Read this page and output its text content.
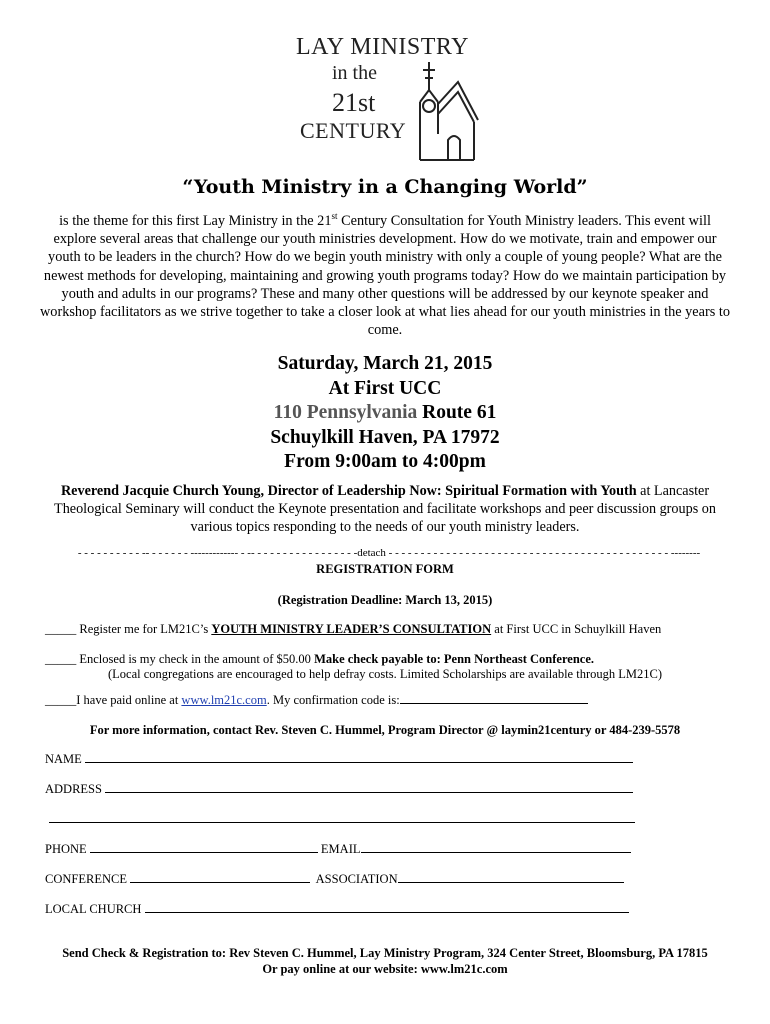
LAY MINISTRY
in the
21st
CENTURY
“Youth Ministry in a Changing World”
is the theme for this first Lay Ministry in the 21st Century Consultation for Youth Ministry leaders. This event will explore several areas that challenge our youth ministries development. How do we motivate, train and empower our youth to be leaders in the church? How do we begin youth ministry with only a couple of young people? What are the newest methods for developing, maintaining and growing youth programs today? How do we maintain participation by youth and adults in our programs? These and many other questions will be addressed by our keynote speaker and workshop facilitators as we strive together to take a closer look at what lies ahead for our youth ministries in the years to come.
Saturday, March 21, 2015
At First UCC
110 Pennsylvania Route 61
Schuylkill Haven, PA 17972
From 9:00am to 4:00pm
Reverend Jacquie Church Young, Director of Leadership Now: Spiritual Formation with Youth at Lancaster Theological Seminary will conduct the Keynote presentation and facilitate workshops and peer discussion groups on various topics responding to the needs of our youth ministry leaders.
- - - - - - - - - - -- - - - - - - ------------- - -- - - - - - - - - - - - - - - - -detach - - - - - - - - - - - - - - - - - - - - - - - - - - - - - - - - - - - - - - - - - - - - --------
REGISTRATION FORM
(Registration Deadline: March 13, 2015)
_____ Register me for LM21C’s YOUTH MINISTRY LEADER’S CONSULTATION at First UCC in Schuylkill Haven
_____ Enclosed is my check in the amount of $50.00 Make check payable to: Penn Northeast Conference.
(Local congregations are encouraged to help defray costs. Limited Scholarships are available through LM21C)
_____I have paid online at www.lm21c.com. My confirmation code is:
For more information, contact Rev. Steven C. Hummel, Program Director @ laymin21century or 484-239-5578
NAME
ADDRESS
PHONE	EMAIL
CONFERENCE	ASSOCIATION
LOCAL CHURCH
Send Check & Registration to: Rev Steven C. Hummel, Lay Ministry Program, 324 Center Street, Bloomsburg, PA 17815
Or pay online at our website: www.lm21c.com
